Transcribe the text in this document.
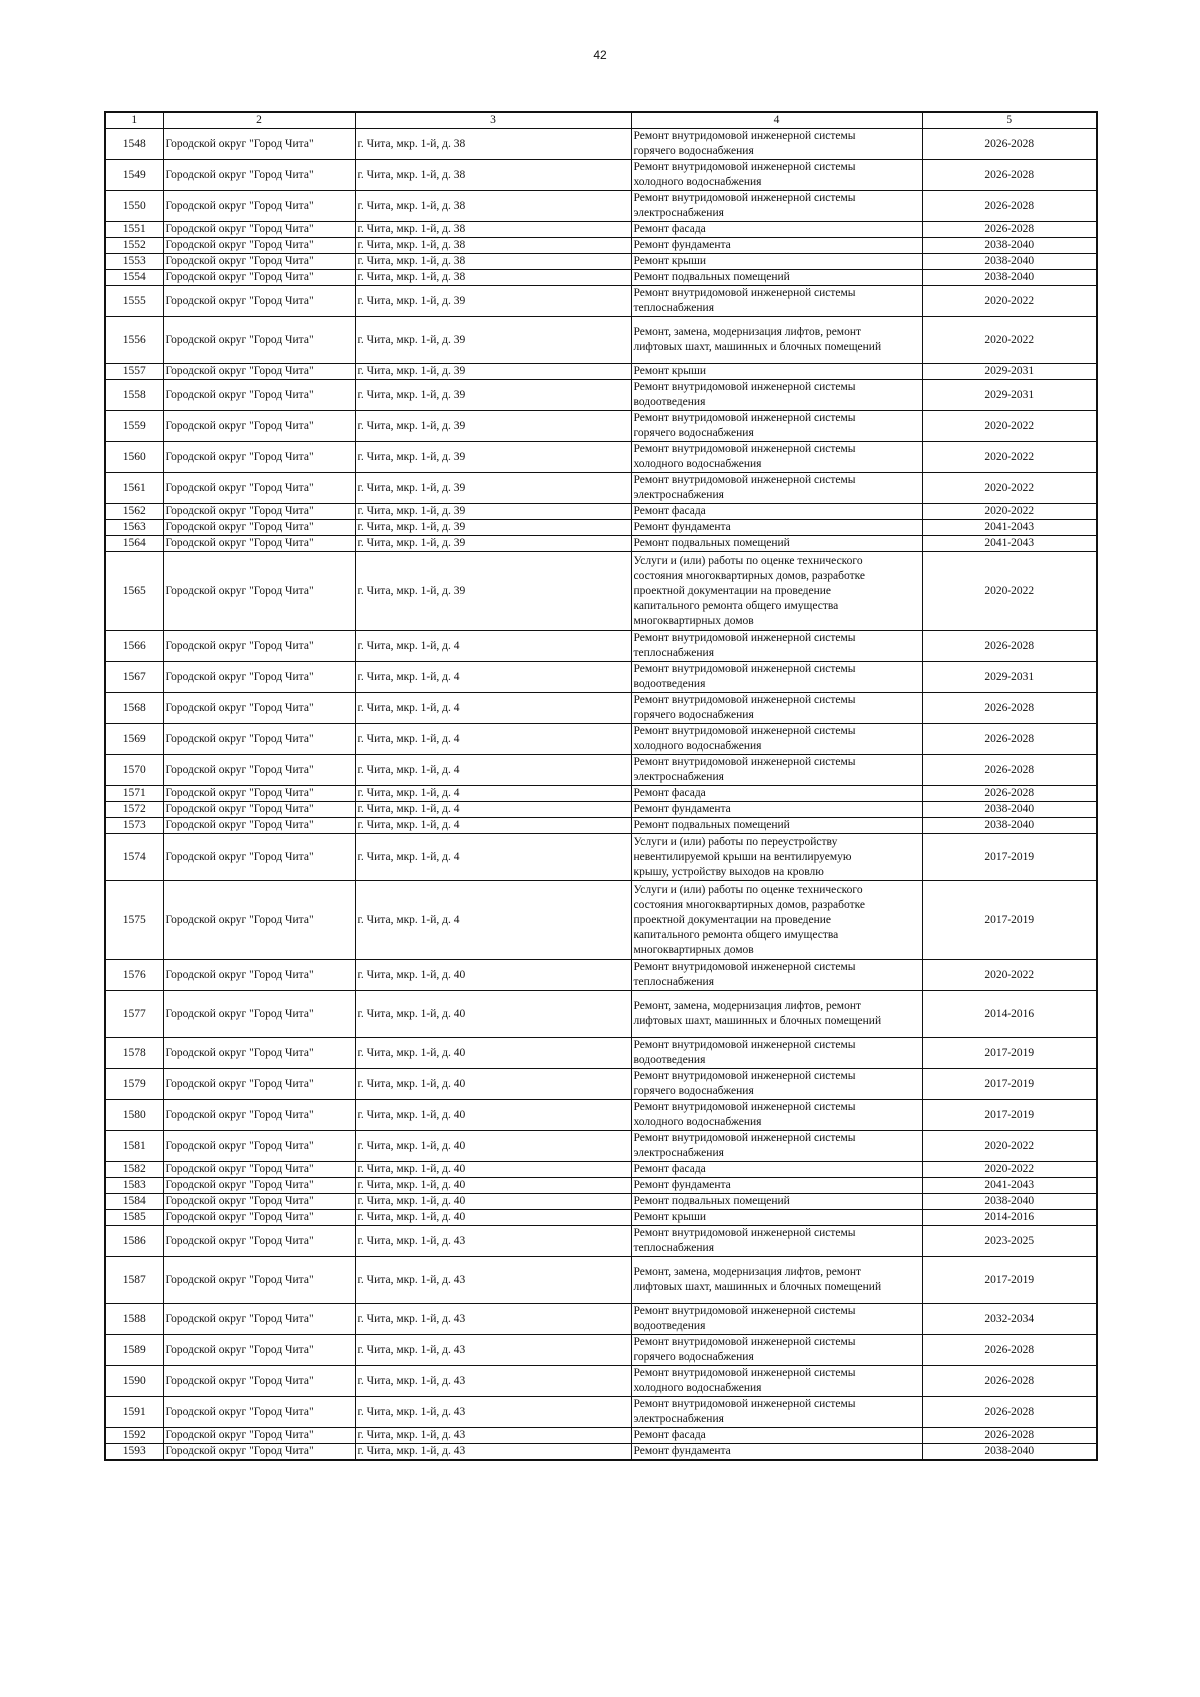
42
1	2	3	4	5
1548	Городской округ "Город Чита"	г. Чита, мкр. 1-й, д. 38	Ремонт внутридомовой инженерной системы
горячего водоснабжения	2026-2028
1549	Городской округ "Город Чита"	г. Чита, мкр. 1-й, д. 38	Ремонт внутридомовой инженерной системы
холодного водоснабжения	2026-2028
1550	Городской округ "Город Чита"	г. Чита, мкр. 1-й, д. 38	Ремонт внутридомовой инженерной системы
электроснабжения	2026-2028
1551	Городской округ "Город Чита"	г. Чита, мкр. 1-й, д. 38	Ремонт фасада	2026-2028
1552	Городской округ "Город Чита"	г. Чита, мкр. 1-й, д. 38	Ремонт фундамента	2038-2040
1553	Городской округ "Город Чита"	г. Чита, мкр. 1-й, д. 38	Ремонт крыши	2038-2040
1554	Городской округ "Город Чита"	г. Чита, мкр. 1-й, д. 38	Ремонт подвальных помещений	2038-2040
1555	Городской округ "Город Чита"	г. Чита, мкр. 1-й, д. 39	Ремонт внутридомовой инженерной системы
теплоснабжения	2020-2022
1556	Городской округ "Город Чита"	г. Чита, мкр. 1-й, д. 39	Ремонт, замена, модернизация лифтов, ремонт
лифтовых шахт, машинных и блочных помещений	2020-2022
1557	Городской округ "Город Чита"	г. Чита, мкр. 1-й, д. 39	Ремонт крыши	2029-2031
1558	Городской округ "Город Чита"	г. Чита, мкр. 1-й, д. 39	Ремонт внутридомовой инженерной системы
водоотведения	2029-2031
1559	Городской округ "Город Чита"	г. Чита, мкр. 1-й, д. 39	Ремонт внутридомовой инженерной системы
горячего водоснабжения	2020-2022
1560	Городской округ "Город Чита"	г. Чита, мкр. 1-й, д. 39	Ремонт внутридомовой инженерной системы
холодного водоснабжения	2020-2022
1561	Городской округ "Город Чита"	г. Чита, мкр. 1-й, д. 39	Ремонт внутридомовой инженерной системы
электроснабжения	2020-2022
1562	Городской округ "Город Чита"	г. Чита, мкр. 1-й, д. 39	Ремонт фасада	2020-2022
1563	Городской округ "Город Чита"	г. Чита, мкр. 1-й, д. 39	Ремонт фундамента	2041-2043
1564	Городской округ "Город Чита"	г. Чита, мкр. 1-й, д. 39	Ремонт подвальных помещений	2041-2043
1565	Городской округ "Город Чита"	г. Чита, мкр. 1-й, д. 39	Услуги и (или) работы по оценке технического
состояния многоквартирных домов, разработке
проектной документации на проведение
капитального ремонта общего имущества
многоквартирных домов	2020-2022
1566	Городской округ "Город Чита"	г. Чита, мкр. 1-й, д. 4	Ремонт внутридомовой инженерной системы
теплоснабжения	2026-2028
1567	Городской округ "Город Чита"	г. Чита, мкр. 1-й, д. 4	Ремонт внутридомовой инженерной системы
водоотведения	2029-2031
1568	Городской округ "Город Чита"	г. Чита, мкр. 1-й, д. 4	Ремонт внутридомовой инженерной системы
горячего водоснабжения	2026-2028
1569	Городской округ "Город Чита"	г. Чита, мкр. 1-й, д. 4	Ремонт внутридомовой инженерной системы
холодного водоснабжения	2026-2028
1570	Городской округ "Город Чита"	г. Чита, мкр. 1-й, д. 4	Ремонт внутридомовой инженерной системы
электроснабжения	2026-2028
1571	Городской округ "Город Чита"	г. Чита, мкр. 1-й, д. 4	Ремонт фасада	2026-2028
1572	Городской округ "Город Чита"	г. Чита, мкр. 1-й, д. 4	Ремонт фундамента	2038-2040
1573	Городской округ "Город Чита"	г. Чита, мкр. 1-й, д. 4	Ремонт подвальных помещений	2038-2040
1574	Городской округ "Город Чита"	г. Чита, мкр. 1-й, д. 4	Услуги и (или) работы по переустройству
невентилируемой крыши на вентилируемую
крышу, устройству выходов на кровлю	2017-2019
1575	Городской округ "Город Чита"	г. Чита, мкр. 1-й, д. 4	Услуги и (или) работы по оценке технического
состояния многоквартирных домов, разработке
проектной документации на проведение
капитального ремонта общего имущества
многоквартирных домов	2017-2019
1576	Городской округ "Город Чита"	г. Чита, мкр. 1-й, д. 40	Ремонт внутридомовой инженерной системы
теплоснабжения	2020-2022
1577	Городской округ "Город Чита"	г. Чита, мкр. 1-й, д. 40	Ремонт, замена, модернизация лифтов, ремонт
лифтовых шахт, машинных и блочных помещений	2014-2016
1578	Городской округ "Город Чита"	г. Чита, мкр. 1-й, д. 40	Ремонт внутридомовой инженерной системы
водоотведения	2017-2019
1579	Городской округ "Город Чита"	г. Чита, мкр. 1-й, д. 40	Ремонт внутридомовой инженерной системы
горячего водоснабжения	2017-2019
1580	Городской округ "Город Чита"	г. Чита, мкр. 1-й, д. 40	Ремонт внутридомовой инженерной системы
холодного водоснабжения	2017-2019
1581	Городской округ "Город Чита"	г. Чита, мкр. 1-й, д. 40	Ремонт внутридомовой инженерной системы
электроснабжения	2020-2022
1582	Городской округ "Город Чита"	г. Чита, мкр. 1-й, д. 40	Ремонт фасада	2020-2022
1583	Городской округ "Город Чита"	г. Чита, мкр. 1-й, д. 40	Ремонт фундамента	2041-2043
1584	Городской округ "Город Чита"	г. Чита, мкр. 1-й, д. 40	Ремонт подвальных помещений	2038-2040
1585	Городской округ "Город Чита"	г. Чита, мкр. 1-й, д. 40	Ремонт крыши	2014-2016
1586	Городской округ "Город Чита"	г. Чита, мкр. 1-й, д. 43	Ремонт внутридомовой инженерной системы
теплоснабжения	2023-2025
1587	Городской округ "Город Чита"	г. Чита, мкр. 1-й, д. 43	Ремонт, замена, модернизация лифтов, ремонт
лифтовых шахт, машинных и блочных помещений	2017-2019
1588	Городской округ "Город Чита"	г. Чита, мкр. 1-й, д. 43	Ремонт внутридомовой инженерной системы
водоотведения	2032-2034
1589	Городской округ "Город Чита"	г. Чита, мкр. 1-й, д. 43	Ремонт внутридомовой инженерной системы
горячего водоснабжения	2026-2028
1590	Городской округ "Город Чита"	г. Чита, мкр. 1-й, д. 43	Ремонт внутридомовой инженерной системы
холодного водоснабжения	2026-2028
1591	Городской округ "Город Чита"	г. Чита, мкр. 1-й, д. 43	Ремонт внутридомовой инженерной системы
электроснабжения	2026-2028
1592	Городской округ "Город Чита"	г. Чита, мкр. 1-й, д. 43	Ремонт фасада	2026-2028
1593	Городской округ "Город Чита"	г. Чита, мкр. 1-й, д. 43	Ремонт фундамента	2038-2040
